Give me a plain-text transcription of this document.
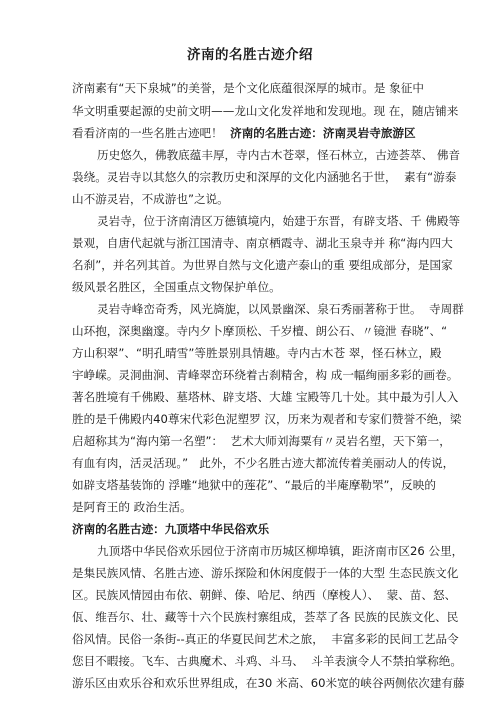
济南的名胜古迹介绍
济南素有“天下泉城”的美誉，是个文化底蕴很深厚的城市。是 象征中
华文明重要起源的史前文明——龙山文化发祥地和发现地。现 在，随店铺来
看看济南的一些名胜古迹吧！  济南的名胜古迹：济南灵岩寺旅游区
历史悠久，佛教底蕴丰厚，寺内古木苍翠，怪石林立，古迹荟萃、 佛音
袅绕。灵岩寺以其悠久的宗教历史和深厚的文化内涵驰名于世，  素有“游泰
山不游灵岩，不成游也”之说。
灵岩寺，位于济南清区万德镇境内，始建于东晋，有辟支塔、千 佛殿等
景观，自唐代起就与浙江国清寺、南京栖霞寺、湖北玉泉寺并 称“海内四大
名刹”，并名列其首。为世界自然与文化遗产泰山的重 要组成部分，是国家
级风景名胜区，全国重点文物保护单位。
灵岩寺峰峦奇秀，风光旖旎，以风景幽深、泉石秀丽著称于世。  寺周群
山环抱，深奥幽邃。寺内夕卜摩顶松、千岁檀、朗公石、〃镜泄 春晓”、“
方山积翠”、“明孔晴雪”等胜景别具情趣。寺内古木苍 翠，怪石林立，殿
宇峥嵘。灵洞曲涧、青峰翠峦环绕着古刹精舍，构 成一幅绚丽多彩的画卷。
著名胜境有千佛殿、墓塔林、辟支塔、大雄 宝殿等几十处。其中最为引人入
胜的是千佛殿内40尊宋代彩色泥塑罗 汉，历来为观者和专家们赞誉不绝，梁
启超称其为“海内第一名塑”：  艺术大师刘海粟有〃灵岩名塑，天下第一，
有血有肉，活灵活现。”   此外，不少名胜古迹大都流传着美丽动人的传说，
如辟支塔基装饰的 浮雕“地狱中的莲花”、“最后的半庵摩勒罘”，反映的
是阿育王的 政治生活。
济南的名胜古迹：九顶塔中华民俗欢乐
九顶塔中华民俗欢乐园位于济南市历城区柳埠镇，距济南市区26 公里，
是集民族风情、名胜古迹、游乐探险和休闲度假于一体的大型 生态民族文化
区。民族风情园由布依、朝鲜、傣、哈尼、纳西（摩梭人）、  蒙、苗、怒、
佤、维吾尔、壮、藏等十六个民族村寨组成，荟萃了各 民族的民族文化、民
俗风情。民俗一条街--真正的华夏民间艺术之旅，  丰富多彩的民间工艺品令
您目不暇接。飞车、古典魔术、斗鸡、斗马、  斗羊表演令人不禁拍掌称绝。
游乐区由欢乐谷和欢乐世界组成，在30 米高、60米宽的峡谷两侧依次建有藤
